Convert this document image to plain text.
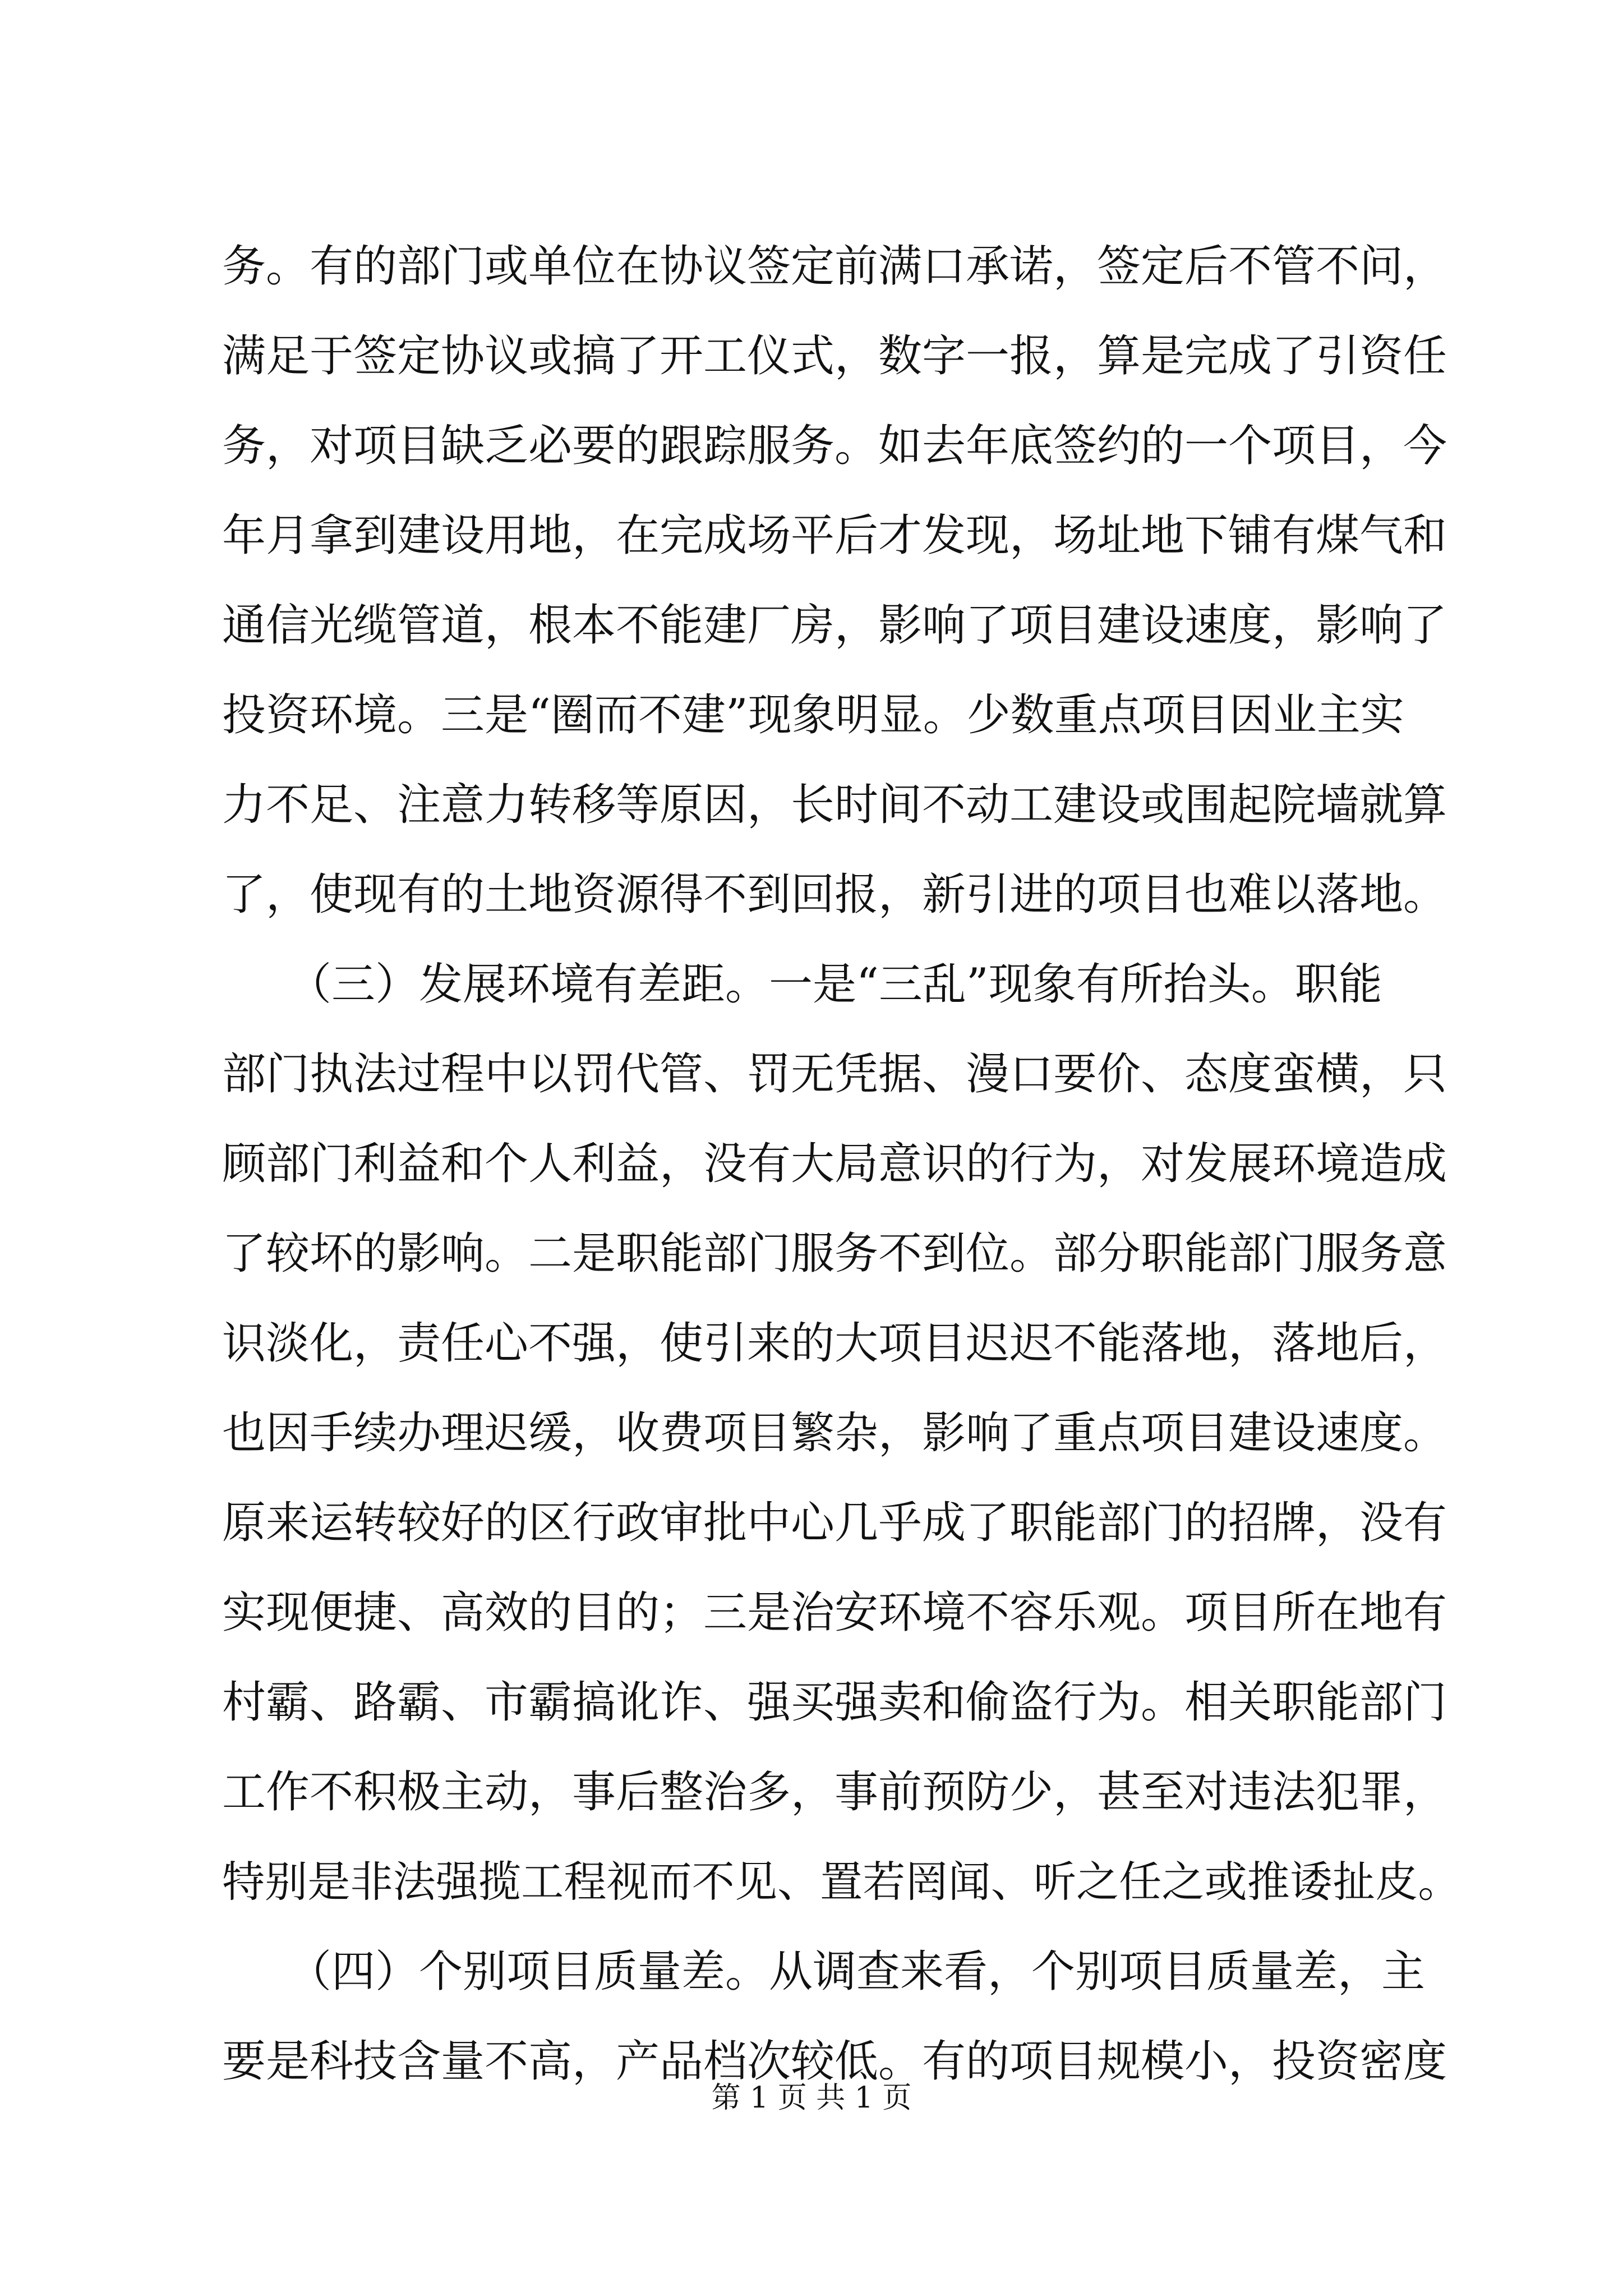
务。有的部门或单位在协议签定前满口承诺，签定后不管不问，
满足于签定协议或搞了开工仪式，数字一报，算是完成了引资任
务，对项目缺乏必要的跟踪服务。如去年底签约的一个项目，今
年月拿到建设用地，在完成场平后才发现，场址地下铺有煤气和
通信光缆管道，根本不能建厂房，影响了项目建设速度，影响了
投资环境。三是“圈而不建”现象明显。少数重点项目因业主实
力不足、注意力转移等原因，长时间不动工建设或围起院墙就算
了，使现有的土地资源得不到回报，新引进的项目也难以落地。
　　（三）发展环境有差距。一是“三乱”现象有所抬头。职能
部门执法过程中以罚代管、罚无凭据、漫口要价、态度蛮横，只
顾部门利益和个人利益，没有大局意识的行为，对发展环境造成
了较坏的影响。二是职能部门服务不到位。部分职能部门服务意
识淡化，责任心不强，使引来的大项目迟迟不能落地，落地后，
也因手续办理迟缓，收费项目繁杂，影响了重点项目建设速度。
原来运转较好的区行政审批中心几乎成了职能部门的招牌，没有
实现便捷、高效的目的；三是治安环境不容乐观。项目所在地有
村霸、路霸、市霸搞讹诈、强买强卖和偷盗行为。相关职能部门
工作不积极主动，事后整治多，事前预防少，甚至对违法犯罪，
特别是非法强揽工程视而不见、置若罔闻、听之任之或推诿扯皮。
　　（四）个别项目质量差。从调查来看，个别项目质量差，主
要是科技含量不高，产品档次较低。有的项目规模小，投资密度
第 1 页 共 1 页
